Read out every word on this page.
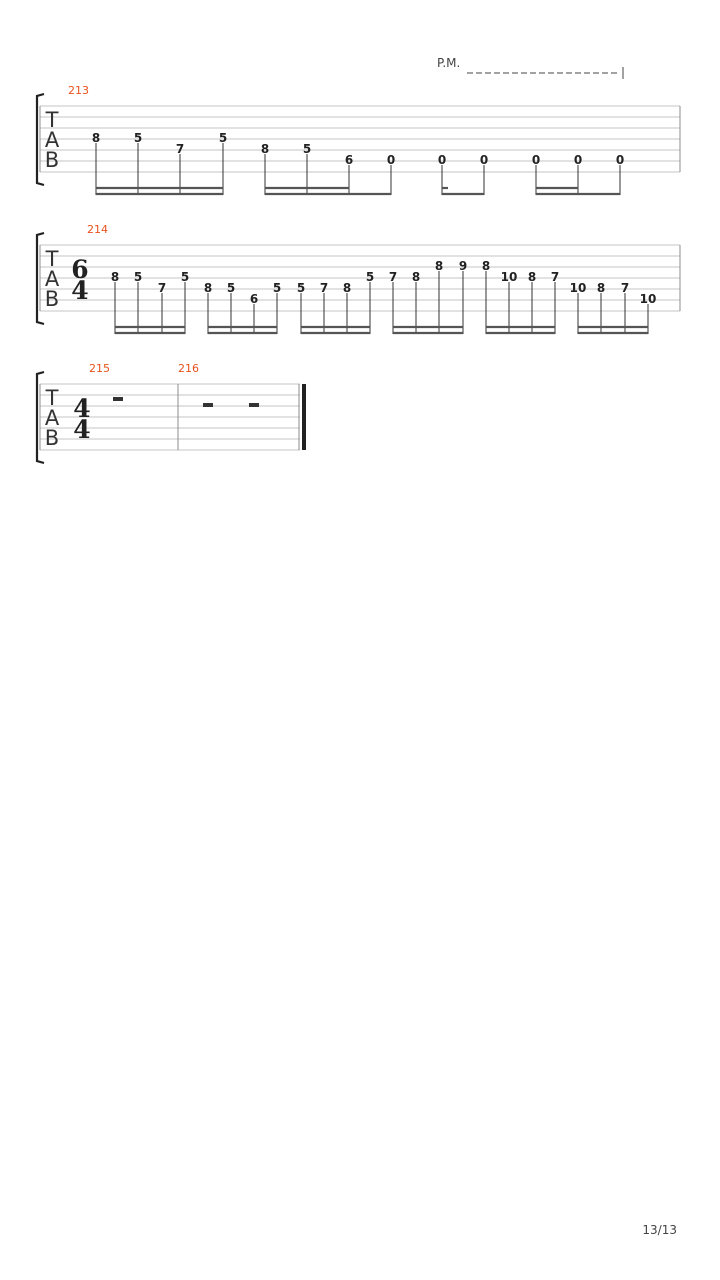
P.M.
213
T
A
B
8	5
7
5
8	5
6	0	0	0	0	0	0
214
T
A
B
6
4 8 5
7
5
8 5
6
5 5 7 8
5 7 8
8 9 8
10 8 7
10 8 7
10
215	216
T
A
B
4
4
13/13
